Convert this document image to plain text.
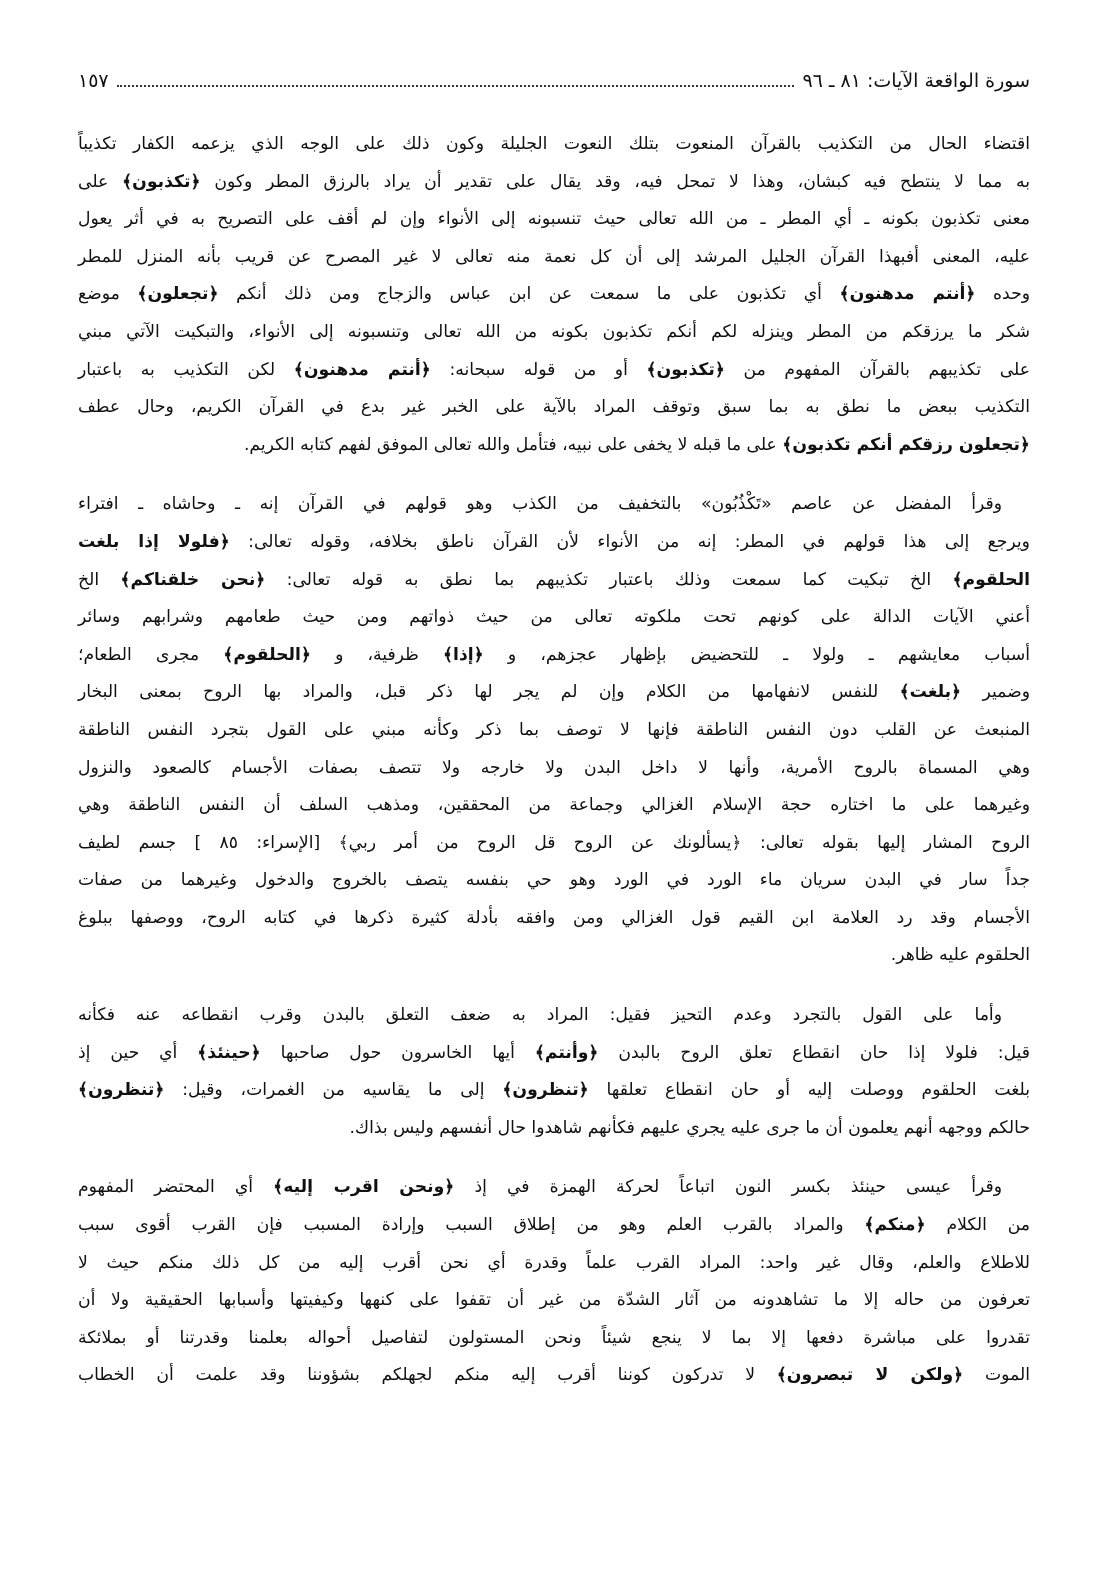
سورة الواقعة الآيات: ٨١ ـ ٩٦
١٥٧
اقتضاء الحال من التكذيب بالقرآن المنعوت بتلك النعوت الجليلة وكون ذلك على الوجه الذي يزعمه الكفار تكذيباً
به مما لا ينتطح فيه كبشان، وهذا لا تمحل فيه، وقد يقال على تقدير أن يراد بالرزق المطر وكون ﴿تكذبون﴾ على
معنى تكذبون بكونه ـ أي المطر ـ من الله تعالى حيث تنسبونه إلى الأنواء وإن لم أقف على التصريح به في أثر يعول
عليه، المعنى أفبهذا القرآن الجليل المرشد إلى أن كل نعمة منه تعالى لا غير المصرح عن قريب بأنه المنزل للمطر
وحده ﴿أنتم مدهنون﴾ أي تكذبون على ما سمعت عن ابن عباس والزجاج ومن ذلك أنكم ﴿تجعلون﴾ موضع
شكر ما يرزقكم من المطر وينزله لكم أنكم تكذبون بكونه من الله تعالى وتنسبونه إلى الأنواء، والتبكيت الآتي مبني
على تكذيبهم بالقرآن المفهوم من ﴿تكذبون﴾ أو من قوله سبحانه: ﴿أنتم مدهنون﴾ لكن التكذيب به باعتبار
التكذيب ببعض ما نطق به بما سبق وتوقف المراد بالآية على الخبر غير بدع في القرآن الكريم، وحال عطف
﴿تجعلون رزقكم أنكم تكذبون﴾ على ما قبله لا يخفى على نبيه، فتأمل والله تعالى الموفق لفهم كتابه الكريم.
وقرأ المفضل عن عاصم «تَكْذُبُون» بالتخفيف من الكذب وهو قولهم في القرآن إنه ـ وحاشاه ـ افتراء
ويرجع إلى هذا قولهم في المطر: إنه من الأنواء لأن القرآن ناطق بخلافه، وقوله تعالى: ﴿فلولا إذا بلغت
الحلقوم﴾ الخ تبكيت كما سمعت وذلك باعتبار تكذيبهم بما نطق به قوله تعالى: ﴿نحن خلقناكم﴾ الخ
أعني الآيات الدالة على كونهم تحت ملكوته تعالى من حيث ذواتهم ومن حيث طعامهم وشرابهم وسائر
أسباب معايشهم ـ ولولا ـ للتحضيض بإظهار عجزهم، و ﴿إذا﴾ ظرفية، و ﴿الحلقوم﴾ مجرى الطعام؛
وضمير ﴿بلغت﴾ للنفس لانفهامها من الكلام وإن لم يجر لها ذكر قبل، والمراد بها الروح بمعنى البخار
المنبعث عن القلب دون النفس الناطقة فإنها لا توصف بما ذكر وكأنه مبني على القول بتجرد النفس الناطقة
وهي المسماة بالروح الأمرية، وأنها لا داخل البدن ولا خارجه ولا تتصف بصفات الأجسام كالصعود والنزول
وغيرهما على ما اختاره حجة الإسلام الغزالي وجماعة من المحققين، ومذهب السلف أن النفس الناطقة وهي
الروح المشار إليها بقوله تعالى: ﴿يسألونك عن الروح قل الروح من أمر ربي﴾ [الإسراء: ٨٥ ] جسم لطيف
جداً سار في البدن سريان ماء الورد في الورد وهو حي بنفسه يتصف بالخروج والدخول وغيرهما من صفات
الأجسام وقد رد العلامة ابن القيم قول الغزالي ومن وافقه بأدلة كثيرة ذكرها في كتابه الروح، ووصفها ببلوغ
الحلقوم عليه ظاهر.
وأما على القول بالتجرد وعدم التحيز فقيل: المراد به ضعف التعلق بالبدن وقرب انقطاعه عنه فكأنه
قيل: فلولا إذا حان انقطاع تعلق الروح بالبدن ﴿وأنتم﴾ أيها الخاسرون حول صاحبها ﴿حينئذ﴾ أي حين إذ
بلغت الحلقوم ووصلت إليه أو حان انقطاع تعلقها ﴿تنظرون﴾ إلى ما يقاسيه من الغمرات، وقيل: ﴿تنظرون﴾
حالكم ووجهه أنهم يعلمون أن ما جرى عليه يجري عليهم فكأنهم شاهدوا حال أنفسهم وليس بذاك.
وقرأ عيسى حينئذ بكسر النون اتباعاً لحركة الهمزة في إذ ﴿ونحن اقرب إليه﴾ أي المحتضر المفهوم
من الكلام ﴿منكم﴾ والمراد بالقرب العلم وهو من إطلاق السبب وإرادة المسبب فإن القرب أقوى سبب
للاطلاع والعلم، وقال غير واحد: المراد القرب علماً وقدرة أي نحن أقرب إليه من كل ذلك منكم حيث لا
تعرفون من حاله إلا ما تشاهدونه من آثار الشدّة من غير أن تقفوا على كنهها وكيفيتها وأسبابها الحقيقية ولا أن
تقدروا على مباشرة دفعها إلا بما لا ينجع شيئاً ونحن المستولون لتفاصيل أحواله بعلمنا وقدرتنا أو بملائكة
الموت ﴿ولكن لا تبصرون﴾ لا تدركون كوننا أقرب إليه منكم لجهلكم بشؤوننا وقد علمت أن الخطاب
